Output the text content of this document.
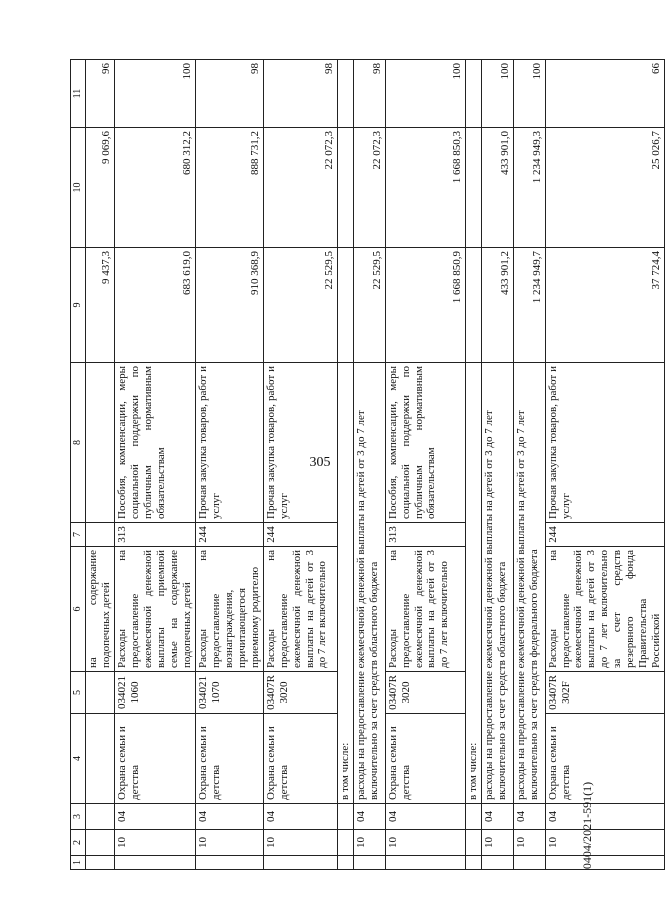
305
1	2	3	4	5	6	7	8	9	10	11
					на содержание подопечных детей			9 437,3	9 069,6	96
	10	04	Охрана семьи и детства	034021 1060	Расходы на предоставление ежемесячной денежной выплаты приемной семье на содержание подопечных детей	313	Пособия, компенсации, меры социальной поддержки по публичным нормативным обязательствам	683 619,0	680 312,2	100
	10	04	Охрана семьи и детства	034021 1070	Расходы на предоставление вознаграждения, причитающегося приемному родителю	244	Прочая закупка товаров, работ и услуг	910 368,9	888 731,2	98
	10	04	Охрана семьи и детства	03407R 3020	Расходы на предоставление ежемесячной денежной выплаты на детей от 3 до 7 лет включительно	244	Прочая закупка товаров, работ и услуг	22 529,5	22 072,3	98
			в том числе:							
	10	04	расходы на предоставление ежемесячной денежной выплаты на детей от 3 до 7 лет включительно за счет средств областного бюджета					22 529,5	22 072,3	98
	10	04	Охрана семьи и детства	03407R 3020	Расходы на предоставление ежемесячной денежной выплаты на детей от 3 до 7 лет включительно	313	Пособия, компенсации, меры социальной поддержки по публичным нормативным обязательствам	1 668 850,9	1 668 850,3	100
			в том числе:							
	10	04	расходы на предоставление ежемесячной денежной выплаты на детей от 3 до 7 лет включительно за счет средств областного бюджета					433 901,2	433 901,0	100
	10	04	расходы на предоставление ежемесячной денежной выплаты на детей от 3 до 7 лет включительно за счет средств федерального бюджета					1 234 949,7	1 234 949,3	100
	10	04	Охрана семьи и детства	03407R 302F	Расходы на предоставление ежемесячной денежной выплаты на детей от 3 до 7 лет включительно за счет средств резервного фонда Правительства Российской	244	Прочая закупка товаров, работ и услуг	37 724,4	25 026,7	66
0404/2021-591(1)
